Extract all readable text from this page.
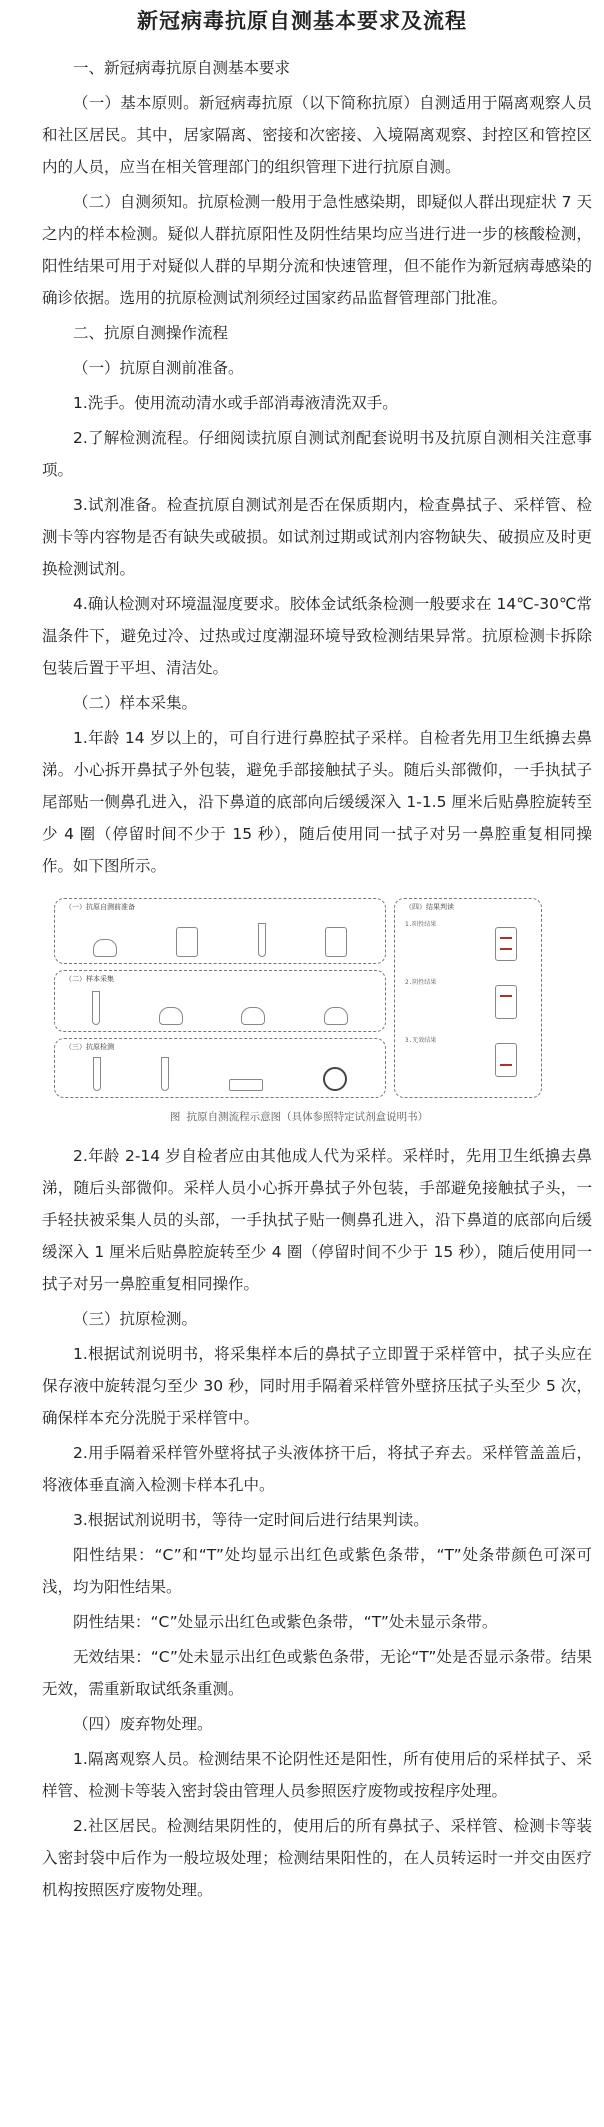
新冠病毒抗原自测基本要求及流程

一、新冠病毒抗原自测基本要求

（一）基本原则。新冠病毒抗原（以下简称抗原）自测适用于隔离观察人员和社区居民。其中，居家隔离、密接和次密接、入境隔离观察、封控区和管控区内的人员，应当在相关管理部门的组织管理下进行抗原自测。

（二）自测须知。抗原检测一般用于急性感染期，即疑似人群出现症状 7 天之内的样本检测。疑似人群抗原阳性及阴性结果均应当进行进一步的核酸检测，阳性结果可用于对疑似人群的早期分流和快速管理，但不能作为新冠病毒感染的确诊依据。选用的抗原检测试剂须经过国家药品监督管理部门批准。

二、抗原自测操作流程

（一）抗原自测前准备。

1.洗手。使用流动清水或手部消毒液清洗双手。

2.了解检测流程。仔细阅读抗原自测试剂配套说明书及抗原自测相关注意事项。

3.试剂准备。检查抗原自测试剂是否在保质期内，检查鼻拭子、采样管、检测卡等内容物是否有缺失或破损。如试剂过期或试剂内容物缺失、破损应及时更换检测试剂。

4.确认检测对环境温湿度要求。胶体金试纸条检测一般要求在 14℃-30℃常温条件下，避免过冷、过热或过度潮湿环境导致检测结果异常。抗原检测卡拆除包装后置于平坦、清洁处。

（二）样本采集。

1.年龄 14 岁以上的，可自行进行鼻腔拭子采样。自检者先用卫生纸擤去鼻涕。小心拆开鼻拭子外包装，避免手部接触拭子头。随后头部微仰，一手执拭子尾部贴一侧鼻孔进入，沿下鼻道的底部向后缓缓深入 1-1.5 厘米后贴鼻腔旋转至少 4 圈（停留时间不少于 15 秒），随后使用同一拭子对另一鼻腔重复相同操作。如下图所示。

（一）抗原自测前准备
（二）样本采集
（三）抗原检测
（四）结果判读
1.阳性结果
2.阴性结果
3.无效结果
图 抗原自测流程示意图（具体参照特定试剂盒说明书）

2.年龄 2-14 岁自检者应由其他成人代为采样。采样时，先用卫生纸擤去鼻涕，随后头部微仰。采样人员小心拆开鼻拭子外包装，手部避免接触拭子头，一手轻扶被采集人员的头部，一手执拭子贴一侧鼻孔进入，沿下鼻道的底部向后缓缓深入 1 厘米后贴鼻腔旋转至少 4 圈（停留时间不少于 15 秒），随后使用同一拭子对另一鼻腔重复相同操作。

（三）抗原检测。

1.根据试剂说明书，将采集样本后的鼻拭子立即置于采样管中，拭子头应在保存液中旋转混匀至少 30 秒，同时用手隔着采样管外壁挤压拭子头至少 5 次，确保样本充分洗脱于采样管中。

2.用手隔着采样管外壁将拭子头液体挤干后，将拭子弃去。采样管盖盖后，将液体垂直滴入检测卡样本孔中。

3.根据试剂说明书，等待一定时间后进行结果判读。

阳性结果：“C”和“T”处均显示出红色或紫色条带，“T”处条带颜色可深可浅，均为阳性结果。

阴性结果：“C”处显示出红色或紫色条带，“T”处未显示条带。

无效结果：“C”处未显示出红色或紫色条带，无论“T”处是否显示条带。结果无效，需重新取试纸条重测。

（四）废弃物处理。

1.隔离观察人员。检测结果不论阴性还是阳性，所有使用后的采样拭子、采样管、检测卡等装入密封袋由管理人员参照医疗废物或按程序处理。

2.社区居民。检测结果阴性的，使用后的所有鼻拭子、采样管、检测卡等装入密封袋中后作为一般垃圾处理；检测结果阳性的，在人员转运时一并交由医疗机构按照医疗废物处理。
